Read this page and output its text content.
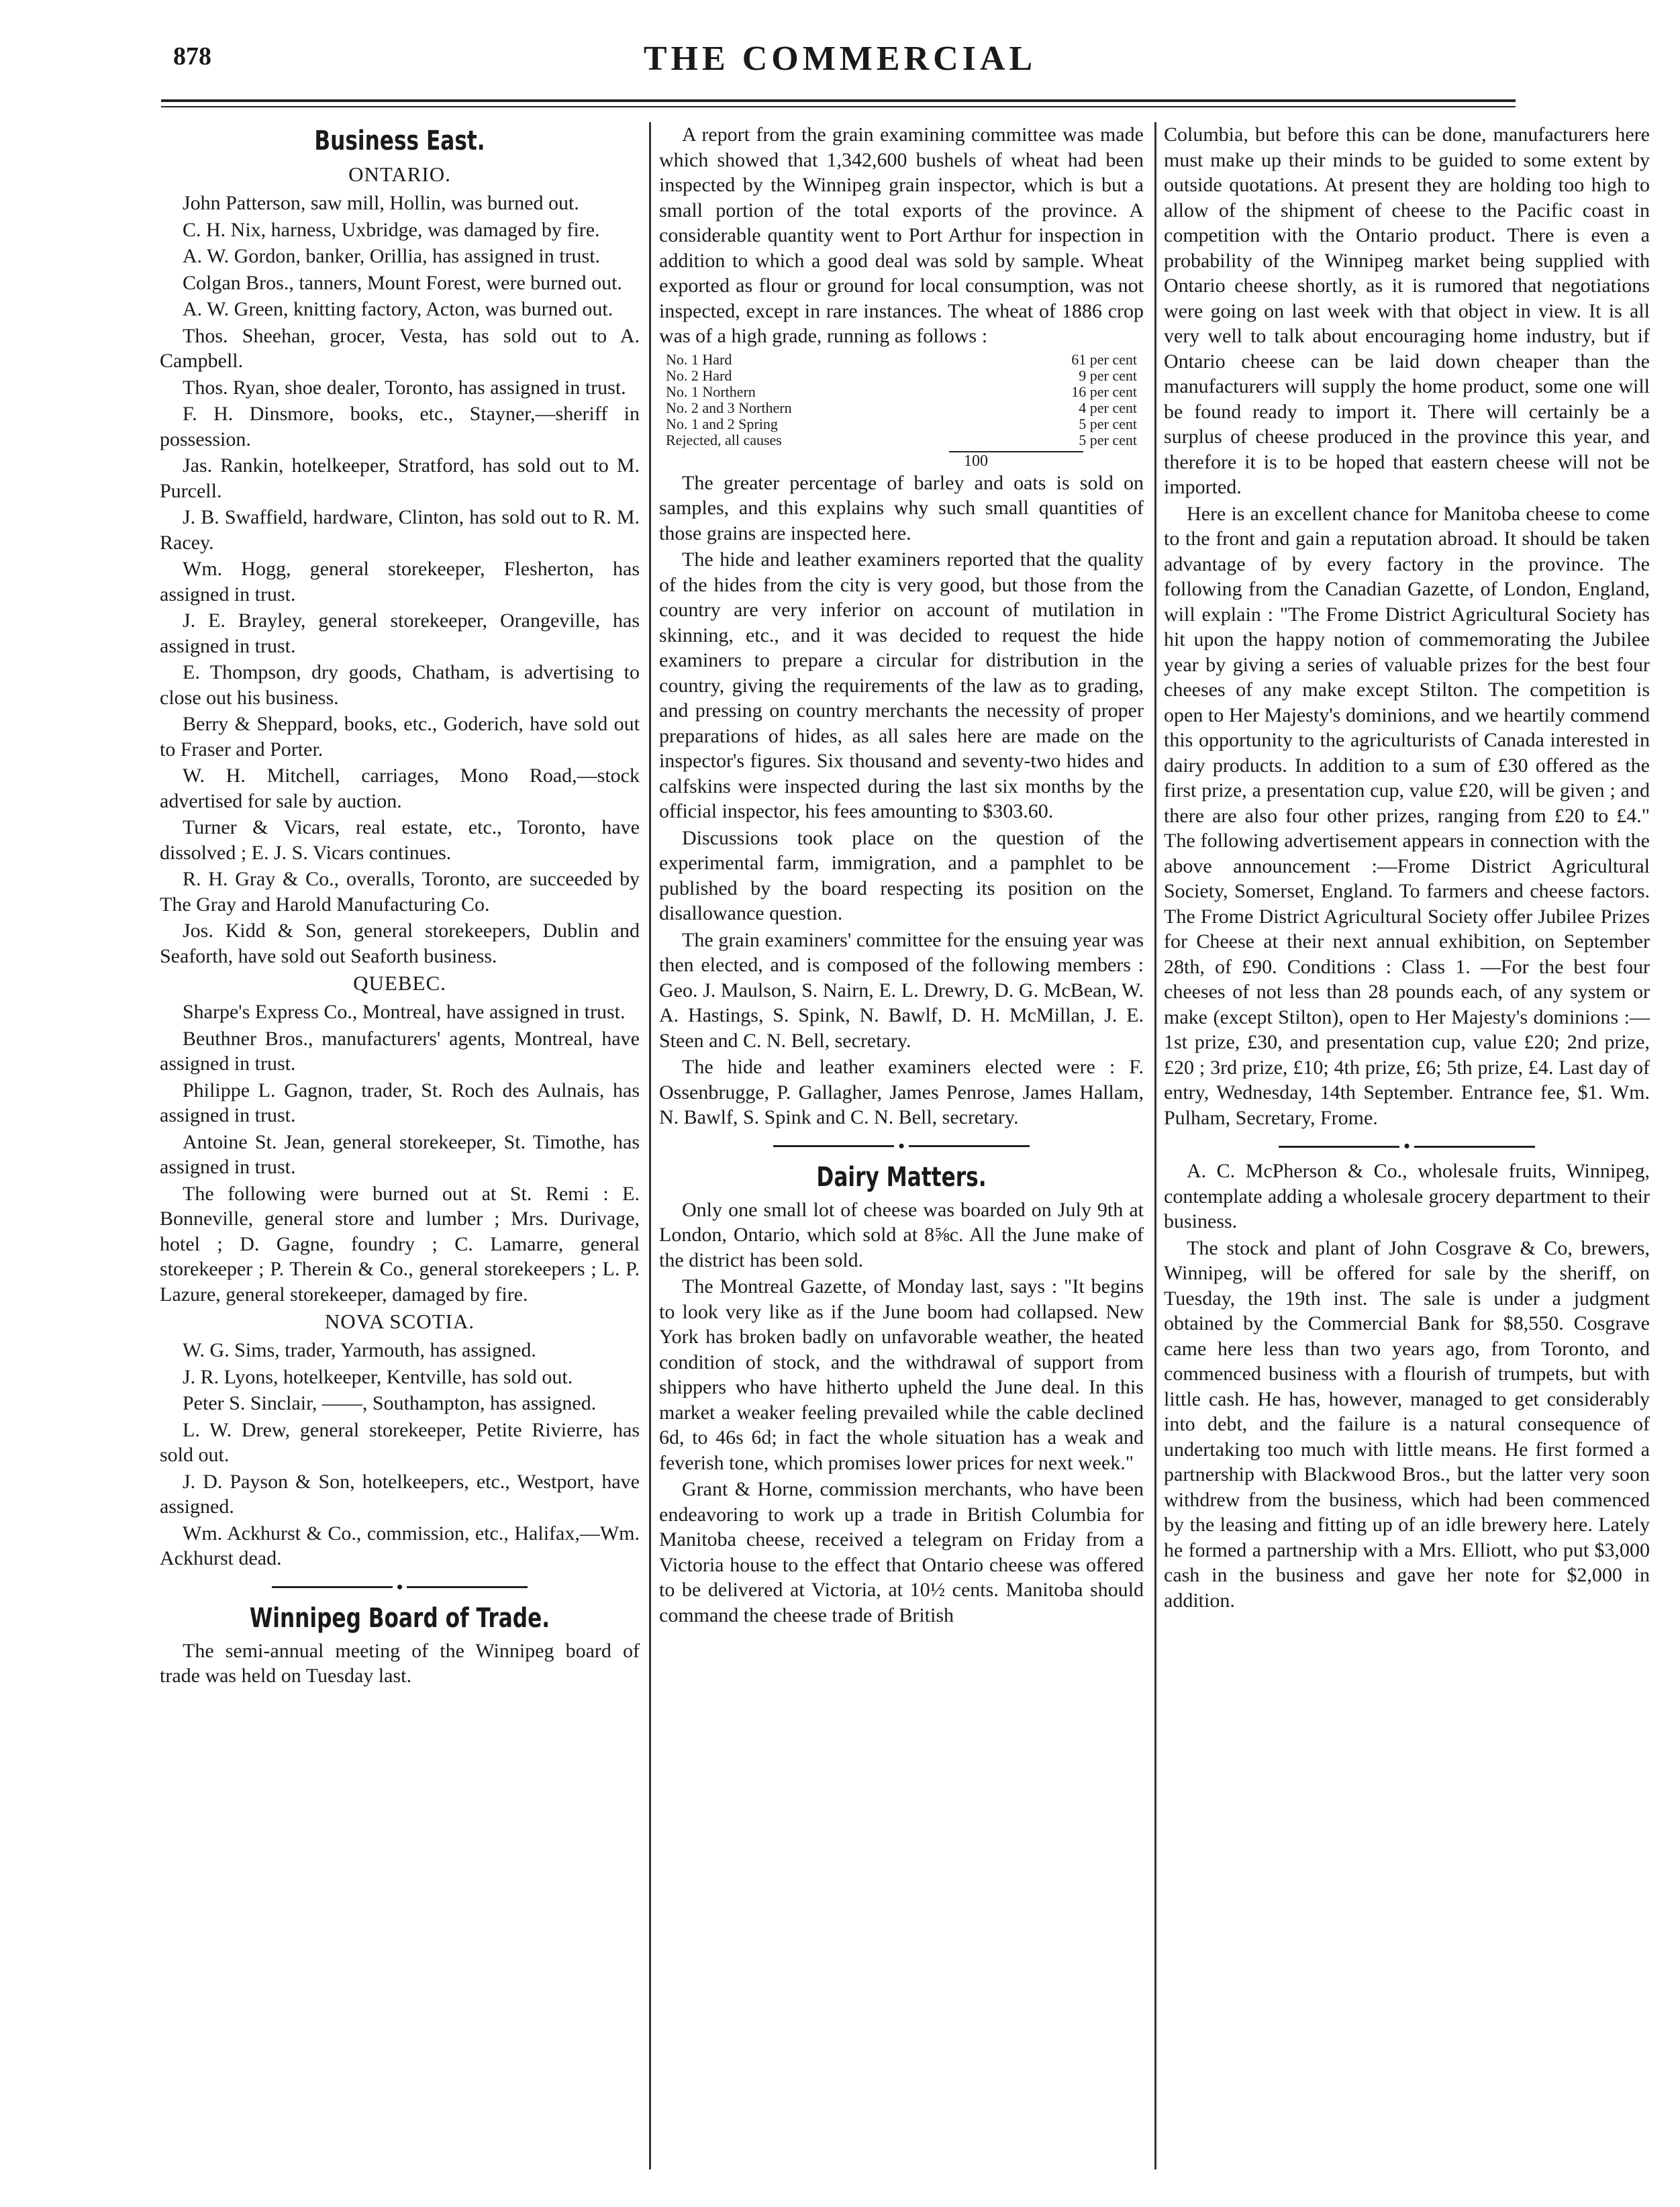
878	THE COMMERCIAL
Business East.
ONTARIO.

John Patterson, saw mill, Hollin, was burned out.

C. H. Nix, harness, Uxbridge, was damaged by fire.

A. W. Gordon, banker, Orillia, has assigned in trust.

Colgan Bros., tanners, Mount Forest, were burned out.

A. W. Green, knitting factory, Acton, was burned out.

Thos. Sheehan, grocer, Vesta, has sold out to A. Campbell.

Thos. Ryan, shoe dealer, Toronto, has assigned in trust.

F. H. Dinsmore, books, etc., Stayner,—sheriff in possession.

Jas. Rankin, hotelkeeper, Stratford, has sold out to M. Purcell.

J. B. Swaffield, hardware, Clinton, has sold out to R. M. Racey.

Wm. Hogg, general storekeeper, Flesherton, has assigned in trust.

J. E. Brayley, general storekeeper, Orangeville, has assigned in trust.

E. Thompson, dry goods, Chatham, is advertising to close out his business.

Berry & Sheppard, books, etc., Goderich, have sold out to Fraser and Porter.

W. H. Mitchell, carriages, Mono Road,—stock advertised for sale by auction.

Turner & Vicars, real estate, etc., Toronto, have dissolved ; E. J. S. Vicars continues.

R. H. Gray & Co., overalls, Toronto, are succeeded by The Gray and Harold Manufacturing Co.

Jos. Kidd & Son, general storekeepers, Dublin and Seaforth, have sold out Seaforth business.

QUEBEC.

Sharpe's Express Co., Montreal, have assigned in trust.

Beuthner Bros., manufacturers' agents, Montreal, have assigned in trust.

Philippe L. Gagnon, trader, St. Roch des Aulnais, has assigned in trust.

Antoine St. Jean, general storekeeper, St. Timothe, has assigned in trust.

The following were burned out at St. Remi : E. Bonneville, general store and lumber ; Mrs. Durivage, hotel ; D. Gagne, foundry ; C. Lamarre, general storekeeper ; P. Therein & Co., general storekeepers ; L. P. Lazure, general storekeeper, damaged by fire.

NOVA SCOTIA.

W. G. Sims, trader, Yarmouth, has assigned.

J. R. Lyons, hotelkeeper, Kentville, has sold out.

Peter S. Sinclair, ——, Southampton, has assigned.

L. W. Drew, general storekeeper, Petite Rivierre, has sold out.

J. D. Payson & Son, hotelkeepers, etc., Westport, have assigned.

Wm. Ackhurst & Co., commission, etc., Halifax,—Wm. Ackhurst dead.

•
Winnipeg Board of Trade.

The semi-annual meeting of the Winnipeg board of trade was held on Tuesday last.

A report from the grain examining committee was made which showed that 1,342,600 bushels of wheat had been inspected by the Winnipeg grain inspector, which is but a small portion of the total exports of the province. A considerable quantity went to Port Arthur for inspection in addition to which a good deal was sold by sample. Wheat exported as flour or ground for local consumption, was not inspected, except in rare instances. The wheat of 1886 crop was of a high grade, running as follows :

No. 1 Hard	61 per cent
No. 2 Hard	9 per cent
No. 1 Northern	16 per cent
No. 2 and 3 Northern	4 per cent
No. 1 and 2 Spring	5 per cent
Rejected, all causes	5 per cent
100

The greater percentage of barley and oats is sold on samples, and this explains why such small quantities of those grains are inspected here.

The hide and leather examiners reported that the quality of the hides from the city is very good, but those from the country are very inferior on account of mutilation in skinning, etc., and it was decided to request the hide examiners to prepare a circular for distribution in the country, giving the requirements of the law as to grading, and pressing on country merchants the necessity of proper preparations of hides, as all sales here are made on the inspector's figures. Six thousand and seventy-two hides and calfskins were inspected during the last six months by the official inspector, his fees amounting to $303.60.

Discussions took place on the question of the experimental farm, immigration, and a pamphlet to be published by the board respecting its position on the disallowance question.

The grain examiners' committee for the ensuing year was then elected, and is composed of the following members : Geo. J. Maulson, S. Nairn, E. L. Drewry, D. G. McBean, W. A. Hastings, S. Spink, N. Bawlf, D. H. McMillan, J. E. Steen and C. N. Bell, secretary.

The hide and leather examiners elected were : F. Ossenbrugge, P. Gallagher, James Penrose, James Hallam, N. Bawlf, S. Spink and C. N. Bell, secretary.

•
Dairy Matters.

Only one small lot of cheese was boarded on July 9th at London, Ontario, which sold at 8⅝c. All the June make of the district has been sold.

The Montreal Gazette, of Monday last, says : "It begins to look very like as if the June boom had collapsed. New York has broken badly on unfavorable weather, the heated condition of stock, and the withdrawal of support from shippers who have hitherto upheld the June deal. In this market a weaker feeling prevailed while the cable declined 6d, to 46s 6d; in fact the whole situation has a weak and feverish tone, which promises lower prices for next week."

Grant & Horne, commission merchants, who have been endeavoring to work up a trade in British Columbia for Manitoba cheese, received a telegram on Friday from a Victoria house to the effect that Ontario cheese was offered to be delivered at Victoria, at 10½ cents. Manitoba should command the cheese trade of British

Columbia, but before this can be done, manufacturers here must make up their minds to be guided to some extent by outside quotations. At present they are holding too high to allow of the shipment of cheese to the Pacific coast in competition with the Ontario product. There is even a probability of the Winnipeg market being supplied with Ontario cheese shortly, as it is rumored that negotiations were going on last week with that object in view. It is all very well to talk about encouraging home industry, but if Ontario cheese can be laid down cheaper than the manufacturers will supply the home product, some one will be found ready to import it. There will certainly be a surplus of cheese produced in the province this year, and therefore it is to be hoped that eastern cheese will not be imported.

Here is an excellent chance for Manitoba cheese to come to the front and gain a reputation abroad. It should be taken advantage of by every factory in the province. The following from the Canadian Gazette, of London, England, will explain : "The Frome District Agricultural Society has hit upon the happy notion of commemorating the Jubilee year by giving a series of valuable prizes for the best four cheeses of any make except Stilton. The competition is open to Her Majesty's dominions, and we heartily commend this opportunity to the agriculturists of Canada interested in dairy products. In addition to a sum of £30 offered as the first prize, a presentation cup, value £20, will be given ; and there are also four other prizes, ranging from £20 to £4." The following advertisement appears in connection with the above announcement :—Frome District Agricultural Society, Somerset, England. To farmers and cheese factors. The Frome District Agricultural Society offer Jubilee Prizes for Cheese at their next annual exhibition, on September 28th, of £90. Conditions : Class 1. —For the best four cheeses of not less than 28 pounds each, of any system or make (except Stilton), open to Her Majesty's dominions :— 1st prize, £30, and presentation cup, value £20; 2nd prize, £20 ; 3rd prize, £10; 4th prize, £6; 5th prize, £4. Last day of entry, Wednesday, 14th September. Entrance fee, $1. Wm. Pulham, Secretary, Frome.

•

A. C. McPherson & Co., wholesale fruits, Winnipeg, contemplate adding a wholesale grocery department to their business.

The stock and plant of John Cosgrave & Co, brewers, Winnipeg, will be offered for sale by the sheriff, on Tuesday, the 19th inst. The sale is under a judgment obtained by the Commercial Bank for $8,550. Cosgrave came here less than two years ago, from Toronto, and commenced business with a flourish of trumpets, but with little cash. He has, however, managed to get considerably into debt, and the failure is a natural consequence of undertaking too much with little means. He first formed a partnership with Blackwood Bros., but the latter very soon withdrew from the business, which had been commenced by the leasing and fitting up of an idle brewery here. Lately he formed a partnership with a Mrs. Elliott, who put $3,000 cash in the business and gave her note for $2,000 in addition.
